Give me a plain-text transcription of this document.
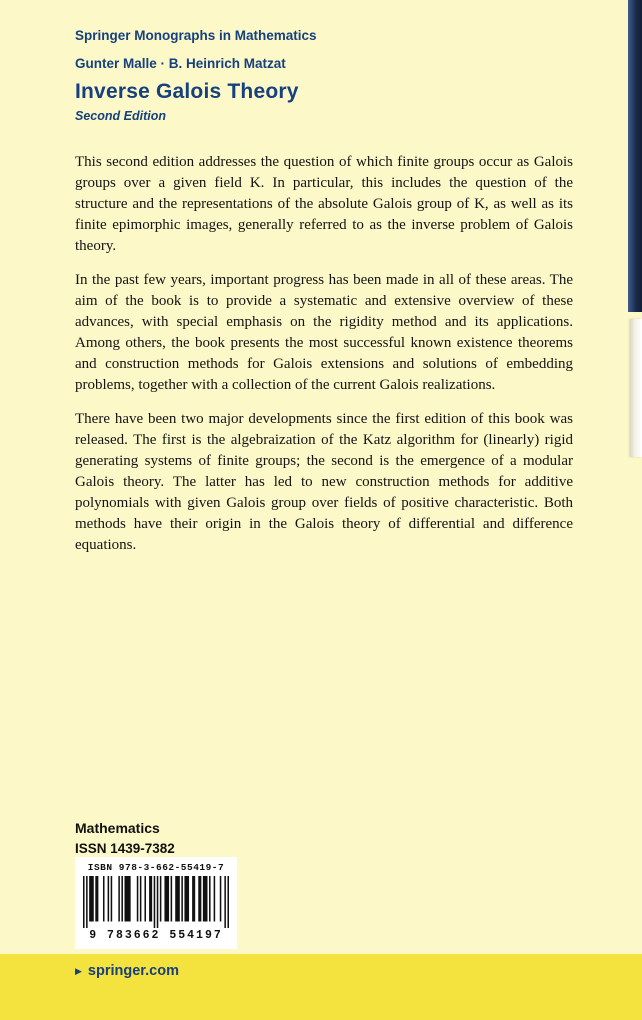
Springer Monographs in Mathematics
Gunter Malle · B. Heinrich Matzat
Inverse Galois Theory
Second Edition

This second edition addresses the question of which finite groups occur as Galois groups over a given field K. In particular, this includes the question of the structure and the representations of the absolute Galois group of K, as well as its finite epimorphic images, generally referred to as the inverse problem of Galois theory.

In the past few years, important progress has been made in all of these areas. The aim of the book is to provide a systematic and extensive overview of these advances, with special emphasis on the rigidity method and its applications. Among others, the book presents the most successful known existence theorems and construction methods for Galois extensions and solutions of embedding problems, together with a collection of the current Galois realizations.

There have been two major developments since the first edition of this book was released. The first is the algebraization of the Katz algorithm for (linearly) rigid generating systems of finite groups; the second is the emergence of a modular Galois theory. The latter has led to new construction methods for additive polynomials with given Galois group over fields of positive characteristic. Both methods have their origin in the Galois theory of differential and difference equations.

Mathematics
ISSN 1439-7382
ISBN 978-3-662-55419-7
9 783662 554197
▶ springer.com
